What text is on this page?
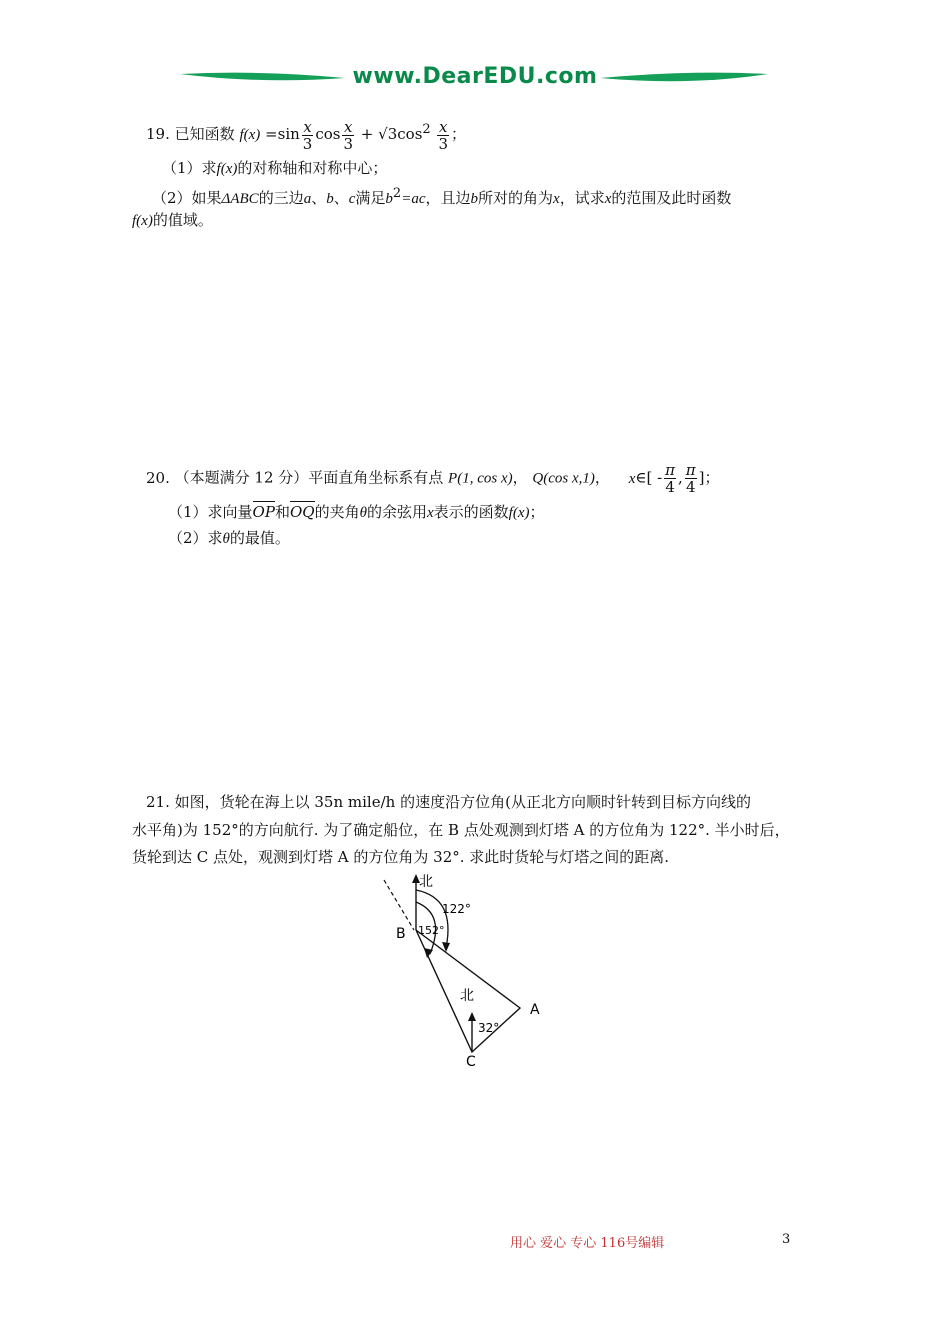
www.DearEDU.com
19. 已知函数 $f(x) =\sin \frac{x}{3}$ $\cos \frac{x}{3} + √3\cos^2 \frac{x}{3}$ ；
（1）求f(x)的对称轴和对称中心；
（2）如果ΔABC的三边a、b、c满足$b^2=ac$，且边b所对的角为x，试求x的范围及此时函数
f(x)的值域。
20. （本题满分 12 分）平面直角坐标系有点 P(1, cos x)， Q(cos x,1)， x∈[ - $\frac{\pi}{4}$ , $\frac{\pi}{4}$ ]；
（1）求向量OP和OQ的夹角θ的余弦用x表示的函数f(x)；
（2）求θ的最值。
21. 如图，货轮在海上以 35n mile/h 的速度沿方位角(从正北方向顺时针转到目标方向线的
水平角)为 152°的方向航行. 为了确定船位，在 B 点处观测到灯塔 A 的方位角为 122°. 半小时后，
货轮到达 C 点处，观测到灯塔 A 的方位角为 32°. 求此时货轮与灯塔之间的距离.
北
122°
152°
B
北
32°
A
C
用心 爱心 专心 116号编辑	3
